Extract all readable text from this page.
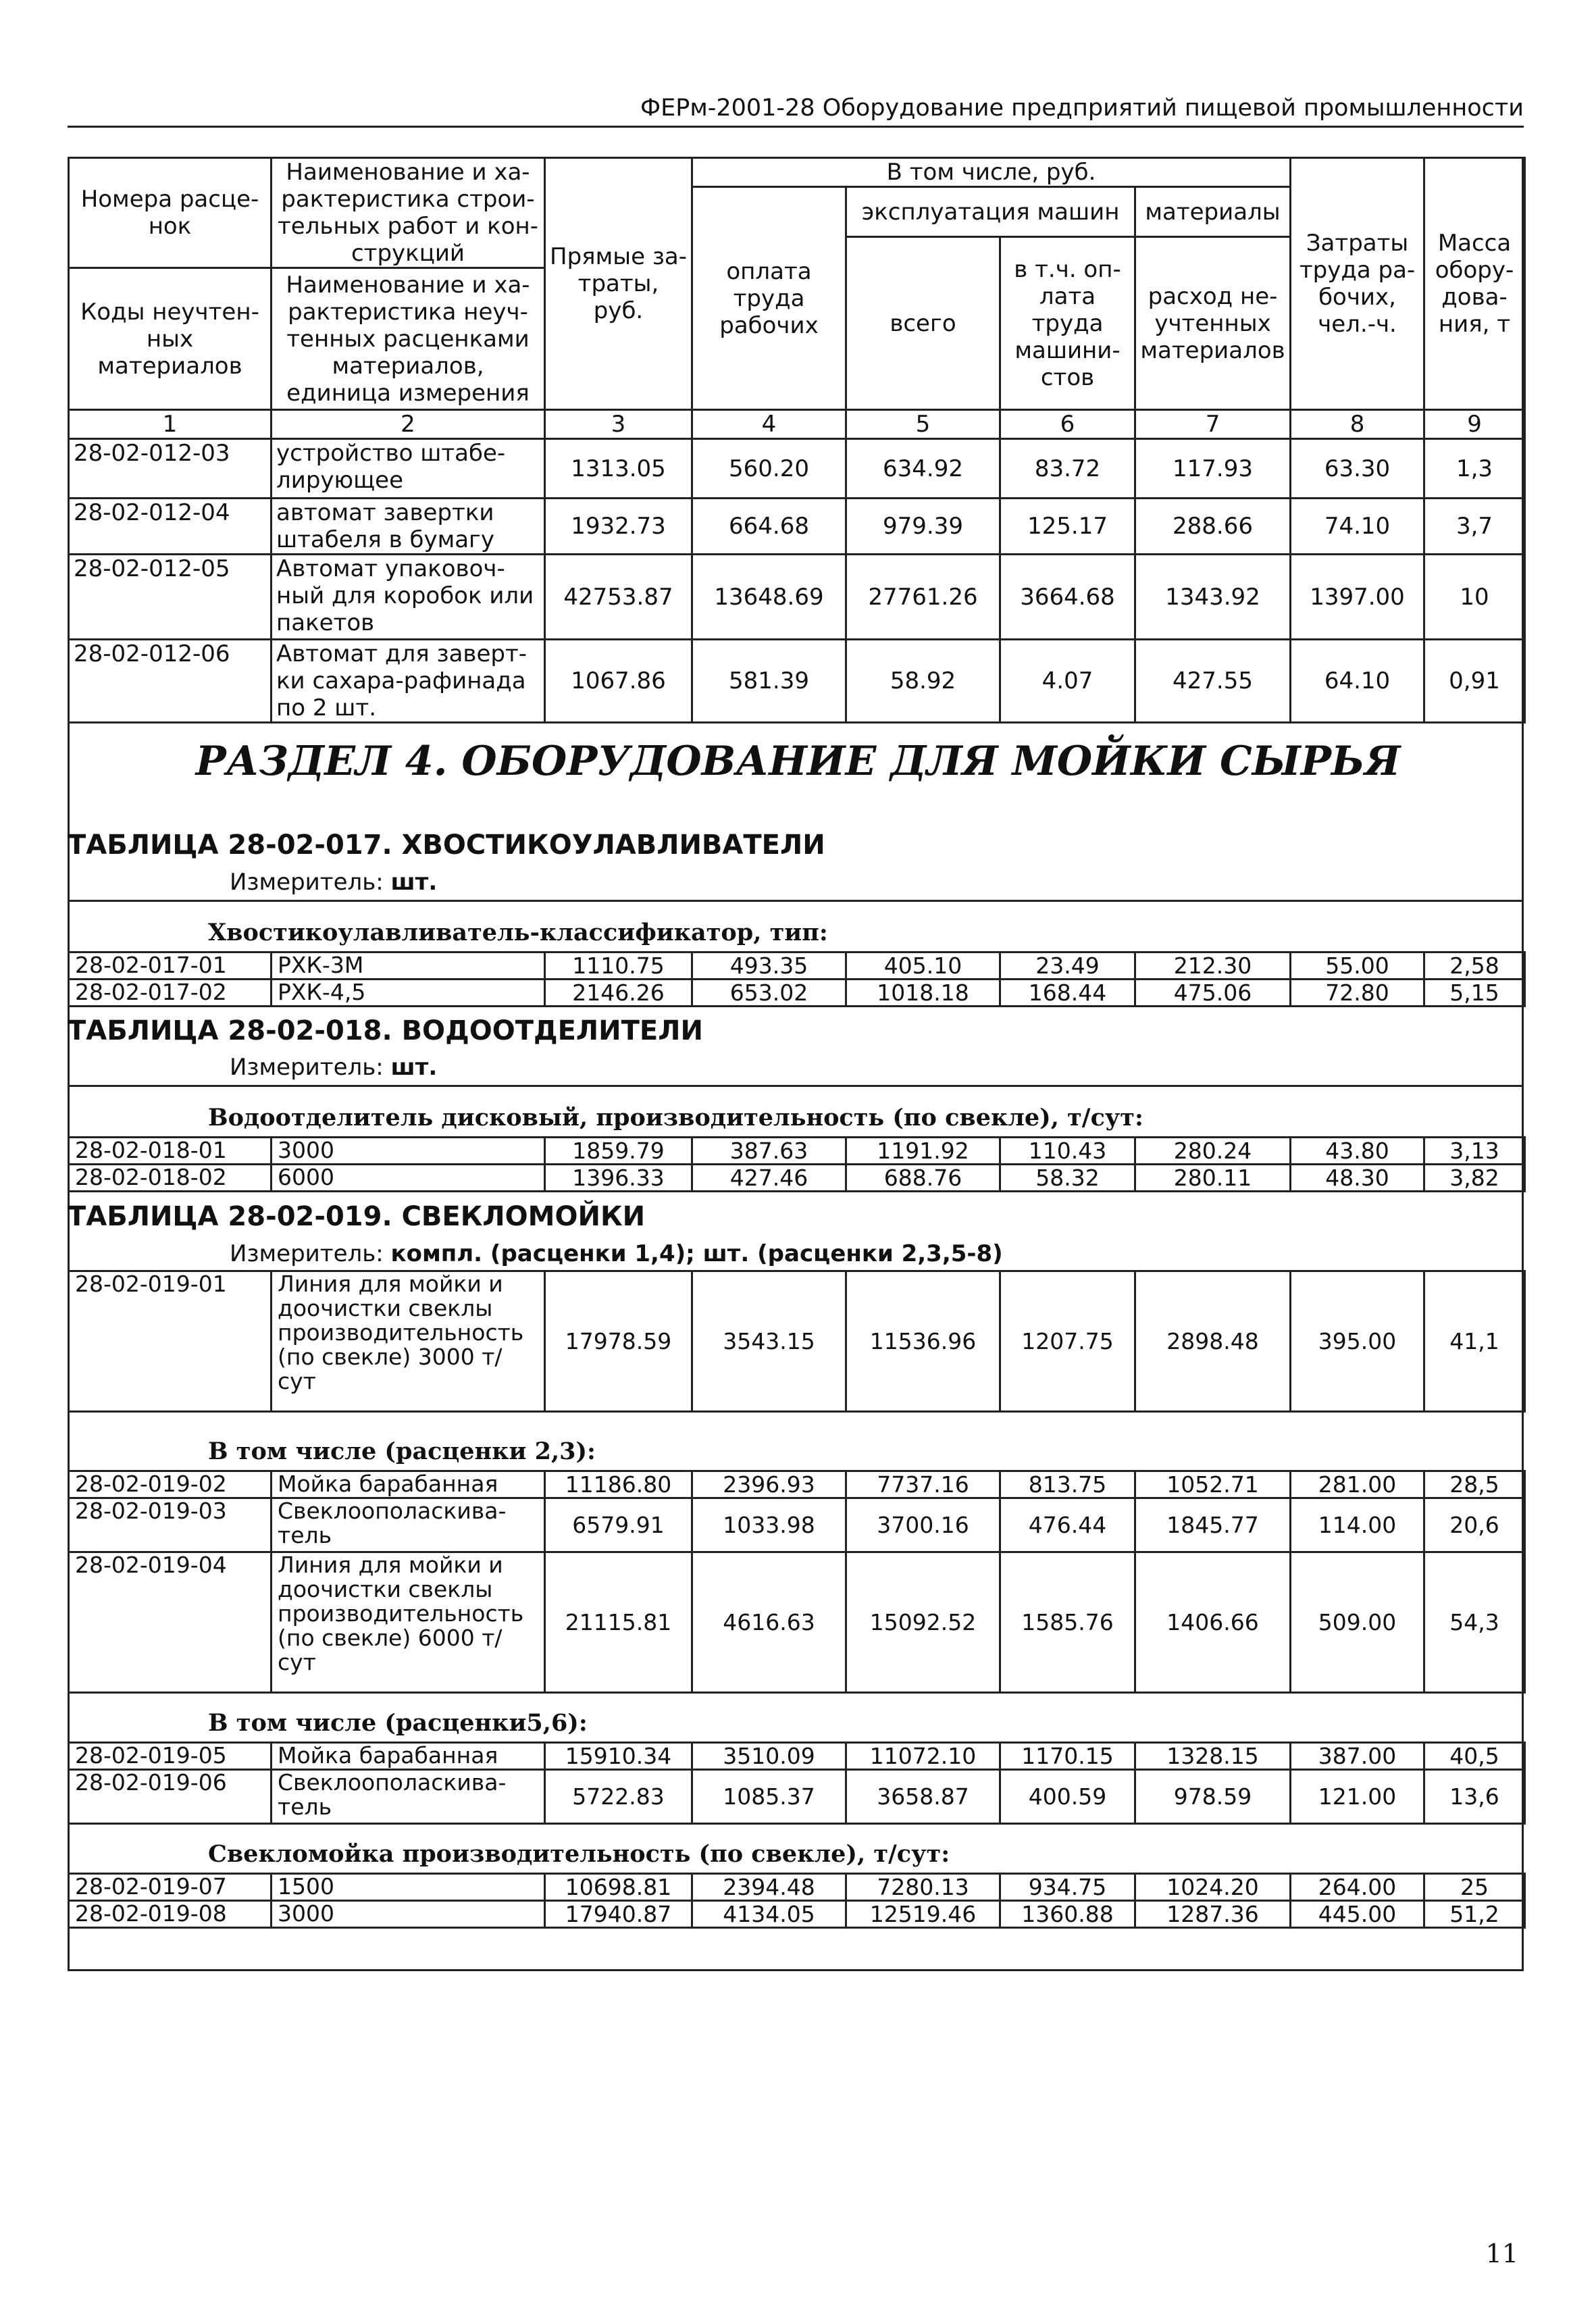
ФЕРм-2001-28 Оборудование предприятий пищевой промышленности
Номера расце-нок	Наименование и ха-рактеристика строи-тельных работ и кон-струкций	Прямые за-траты, руб.	В том числе, руб.				Затраты труда ра-бочих, чел.-ч.	Масса обору-дова-ния, т
			оплата труда рабочих	эксплуатация машин		материалы		
				всего	в т.ч. оп-лата труда машини-стов	расход не-учтенных материалов		
Коды неучтен-ных материалов	Наименование и ха-рактеристика неуч-тенных расценками материалов, единица измерения							

1	2	3	4	5	6	7	8	9
28-02-012-03	устройство штабе-лирующее	1313.05	560.20	634.92	83.72	117.93	63.30	1,3
28-02-012-04	автомат завертки штабеля в бумагу	1932.73	664.68	979.39	125.17	288.66	74.10	3,7
28-02-012-05	Автомат упаковоч-ный для коробок или пакетов	42753.87	13648.69	27761.26	3664.68	1343.92	1397.00	10
28-02-012-06	Автомат для заверт-ки сахара-рафинада по 2 шт.	1067.86	581.39	58.92	4.07	427.55	64.10	0,91
РАЗДЕЛ 4. ОБОРУДОВАНИЕ ДЛЯ МОЙКИ СЫРЬЯ
ТАБЛИЦА 28-02-017. ХВОСТИКОУЛАВЛИВАТЕЛИ
Измеритель: шт.
Хвостикоулавливатель-классификатор, тип:
28-02-017-01	РХК-3М	1110.75	493.35	405.10	23.49	212.30	55.00	2,58
28-02-017-02	РХК-4,5	2146.26	653.02	1018.18	168.44	475.06	72.80	5,15
ТАБЛИЦА 28-02-018. ВОДООТДЕЛИТЕЛИ
Измеритель: шт.
Водоотделитель дисковый, производительность (по свекле), т/сут:
28-02-018-01	3000	1859.79	387.63	1191.92	110.43	280.24	43.80	3,13
28-02-018-02	6000	1396.33	427.46	688.76	58.32	280.11	48.30	3,82
ТАБЛИЦА 28-02-019. СВЕКЛОМОЙКИ
Измеритель: компл. (расценки 1,4); шт. (расценки 2,3,5-8)
28-02-019-01	Линия для мойки и доочистки свеклы производительность (по свекле) 3000 т/сут	17978.59	3543.15	11536.96	1207.75	2898.48	395.00	41,1
В том числе (расценки 2,3):
28-02-019-02	Мойка барабанная	11186.80	2396.93	7737.16	813.75	1052.71	281.00	28,5
28-02-019-03	Свеклоополаскива-тель	6579.91	1033.98	3700.16	476.44	1845.77	114.00	20,6
28-02-019-04	Линия для мойки и доочистки свеклы производительность (по свекле) 6000 т/сут	21115.81	4616.63	15092.52	1585.76	1406.66	509.00	54,3
В том числе (расценки5,6):
28-02-019-05	Мойка барабанная	15910.34	3510.09	11072.10	1170.15	1328.15	387.00	40,5
28-02-019-06	Свеклоополаскива-тель	5722.83	1085.37	3658.87	400.59	978.59	121.00	13,6
Свекломойка производительность (по свекле), т/сут:
28-02-019-07	1500	10698.81	2394.48	7280.13	934.75	1024.20	264.00	25
28-02-019-08	3000	17940.87	4134.05	12519.46	1360.88	1287.36	445.00	51,2
11
